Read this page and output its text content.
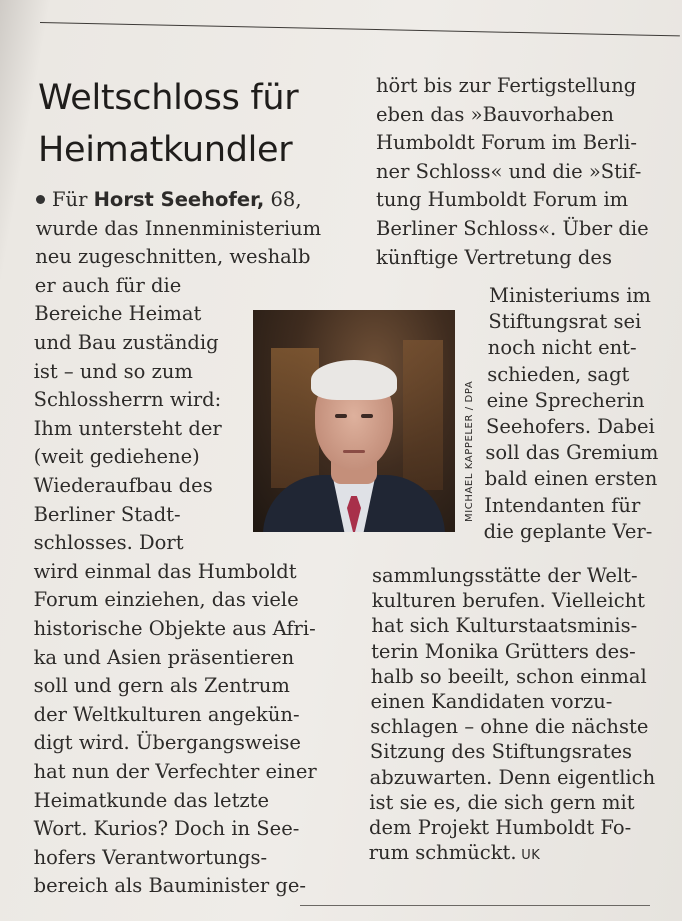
Weltschloss für
Heimatkundler
Für Horst Seehofer, 68,
wurde das Innenministerium
neu zugeschnitten, weshalb
er auch für die
Bereiche Heimat
und Bau zuständig
ist – und so zum
Schlossherrn wird:
Ihm untersteht der
(weit gediehene)
Wiederaufbau des
Berliner Stadt-
schlosses. Dort
wird einmal das Humboldt
Forum einziehen, das viele
historische Objekte aus Afri-
ka und Asien präsentieren
soll und gern als Zentrum
der Weltkulturen angekün-
digt wird. Übergangsweise
hat nun der Verfechter einer
Heimatkunde das letzte
Wort. Kurios? Doch in See-
hofers Verantwortungs-
bereich als Bauminister ge-
hört bis zur Fertigstellung
eben das »Bauvorhaben
Humboldt Forum im Berli-
ner Schloss« und die »Stif-
tung Humboldt Forum im
Berliner Schloss«. Über die
künftige Vertretung des
Ministeriums im
Stiftungsrat sei
noch nicht ent-
schieden, sagt
eine Sprecherin
Seehofers. Dabei
soll das Gremium
bald einen ersten
Intendanten für
die geplante Ver-
sammlungsstätte der Welt-
kulturen berufen. Vielleicht
hat sich Kulturstaatsminis-
terin Monika Grütters des-
halb so beeilt, schon einmal
einen Kandidaten vorzu-
schlagen – ohne die nächste
Sitzung des Stiftungsrates
abzuwarten. Denn eigentlich
ist sie es, die sich gern mit
dem Projekt Humboldt Fo-
rum schmückt. UK
MICHAEL KAPPELER / DPA
